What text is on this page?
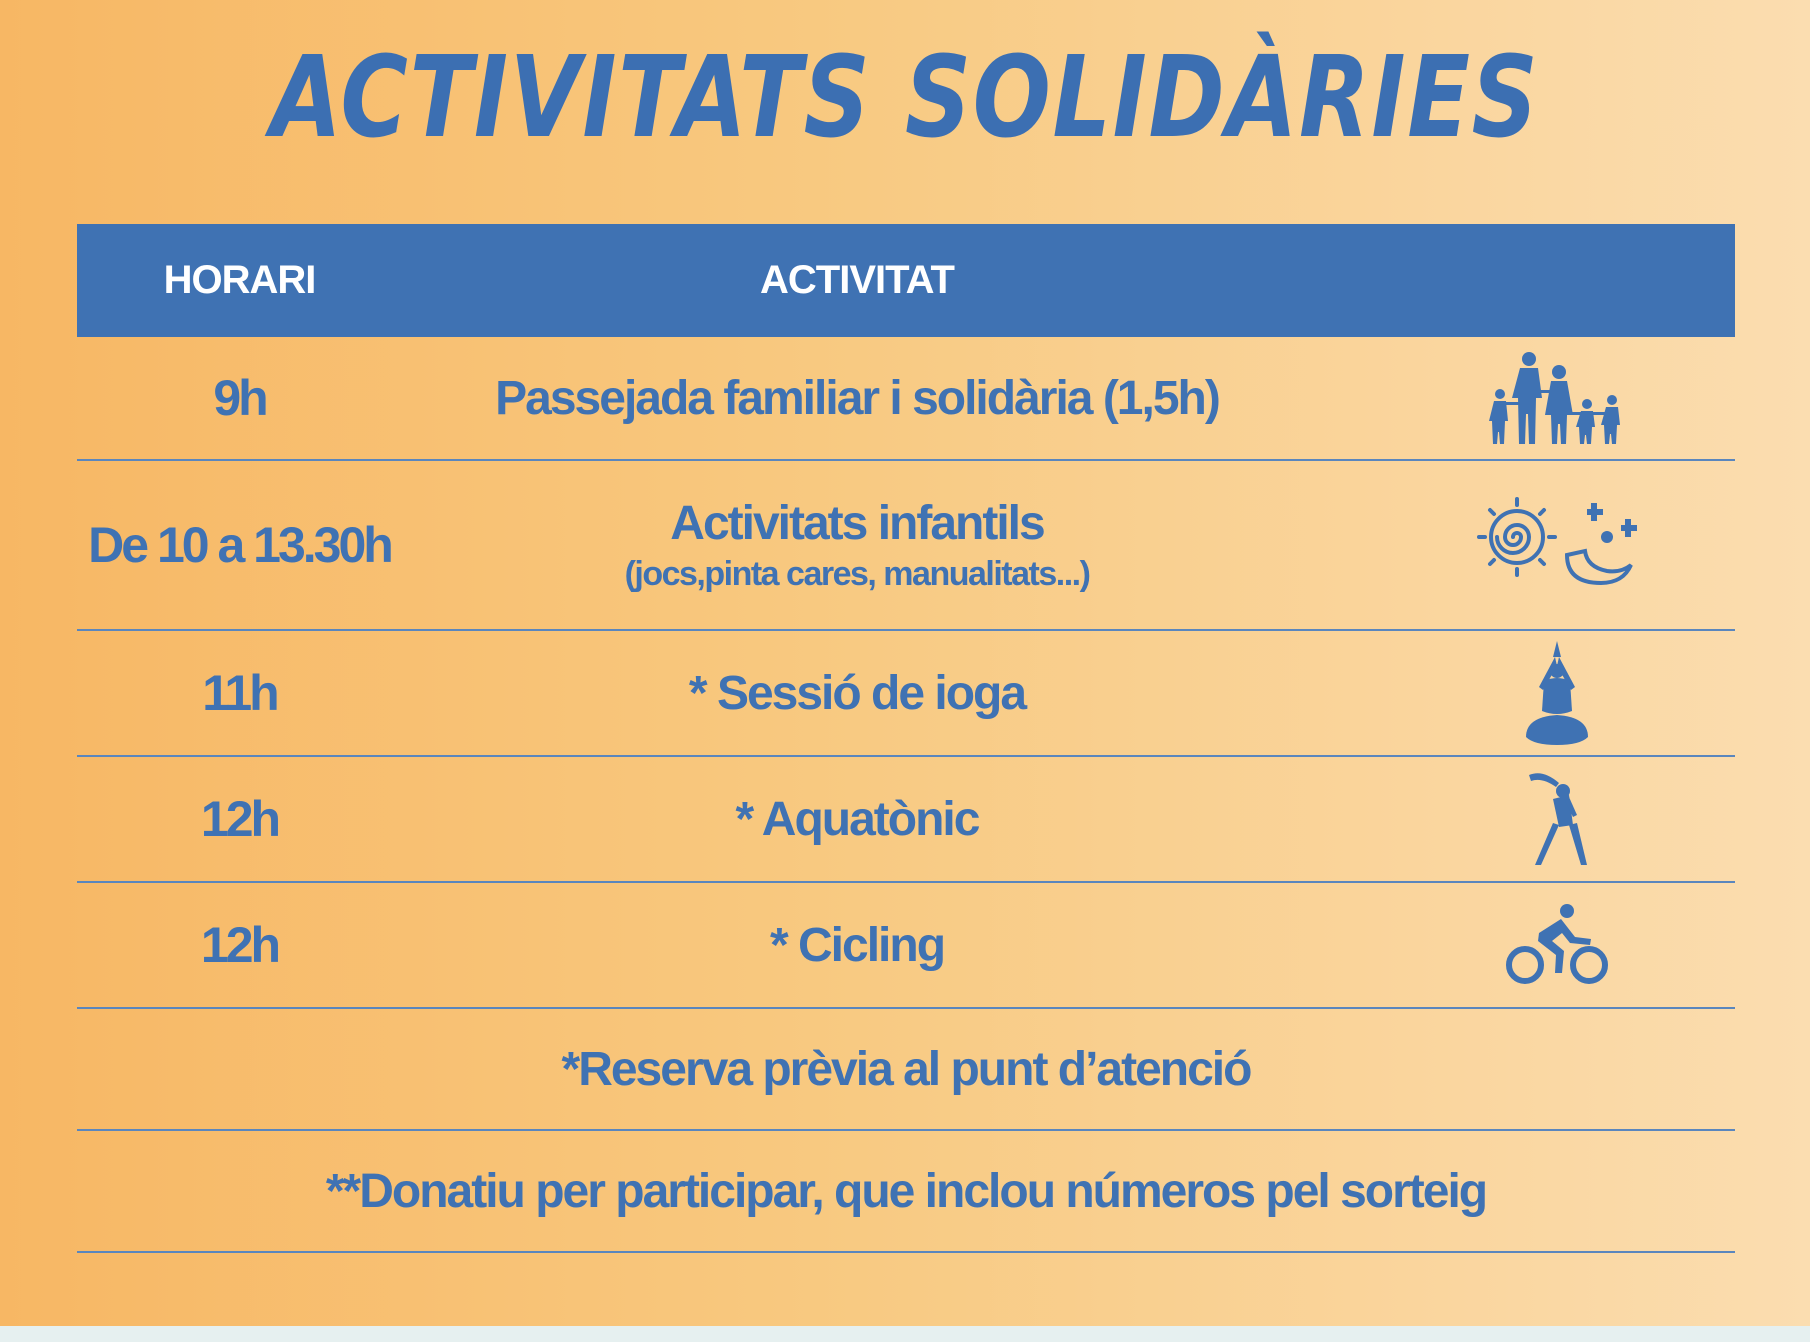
ACTIVITATS SOLIDÀRIES
HORARI	ACTIVITAT
9h	Passejada familiar i solidària (1,5h)
De 10 a 13.30h	Activitats infantils
(jocs,pinta cares, manualitats...)
11h	* Sessió de ioga
12h	* Aquatònic
12h	* Cicling
*Reserva prèvia al punt d’atenció
**Donatiu per participar, que inclou números pel sorteig
